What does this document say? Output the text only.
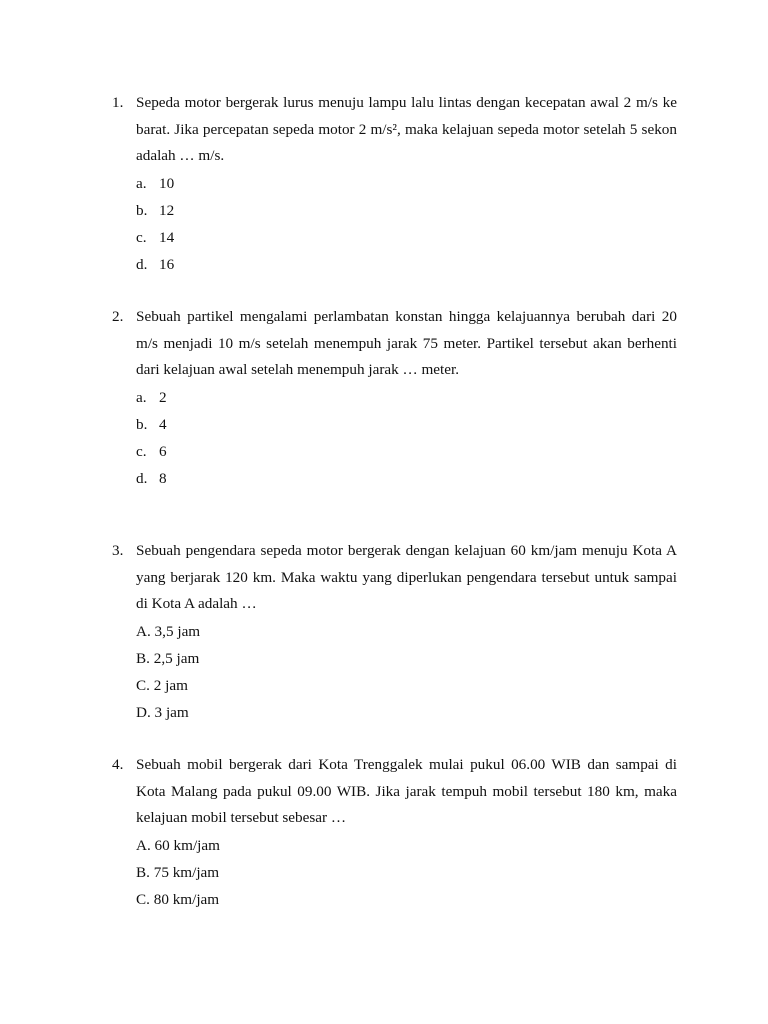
1. Sepeda motor bergerak lurus menuju lampu lalu lintas dengan kecepatan awal 2 m/s ke barat. Jika percepatan sepeda motor 2 m/s², maka kelajuan sepeda motor setelah 5 sekon adalah … m/s.
a. 10
b. 12
c. 14
d. 16
2. Sebuah partikel mengalami perlambatan konstan hingga kelajuannya berubah dari 20 m/s menjadi 10 m/s setelah menempuh jarak 75 meter. Partikel tersebut akan berhenti dari kelajuan awal setelah menempuh jarak … meter.
a. 2
b. 4
c. 6
d. 8
3. Sebuah pengendara sepeda motor bergerak dengan kelajuan 60 km/jam menuju Kota A yang berjarak 120 km. Maka waktu yang diperlukan pengendara tersebut untuk sampai di Kota A adalah …
A. 3,5 jam
B. 2,5 jam
C. 2 jam
D. 3 jam
4. Sebuah mobil bergerak dari Kota Trenggalek mulai pukul 06.00 WIB dan sampai di Kota Malang pada pukul 09.00 WIB. Jika jarak tempuh mobil tersebut 180 km, maka kelajuan mobil tersebut sebesar …
A. 60 km/jam
B. 75 km/jam
C. 80 km/jam
